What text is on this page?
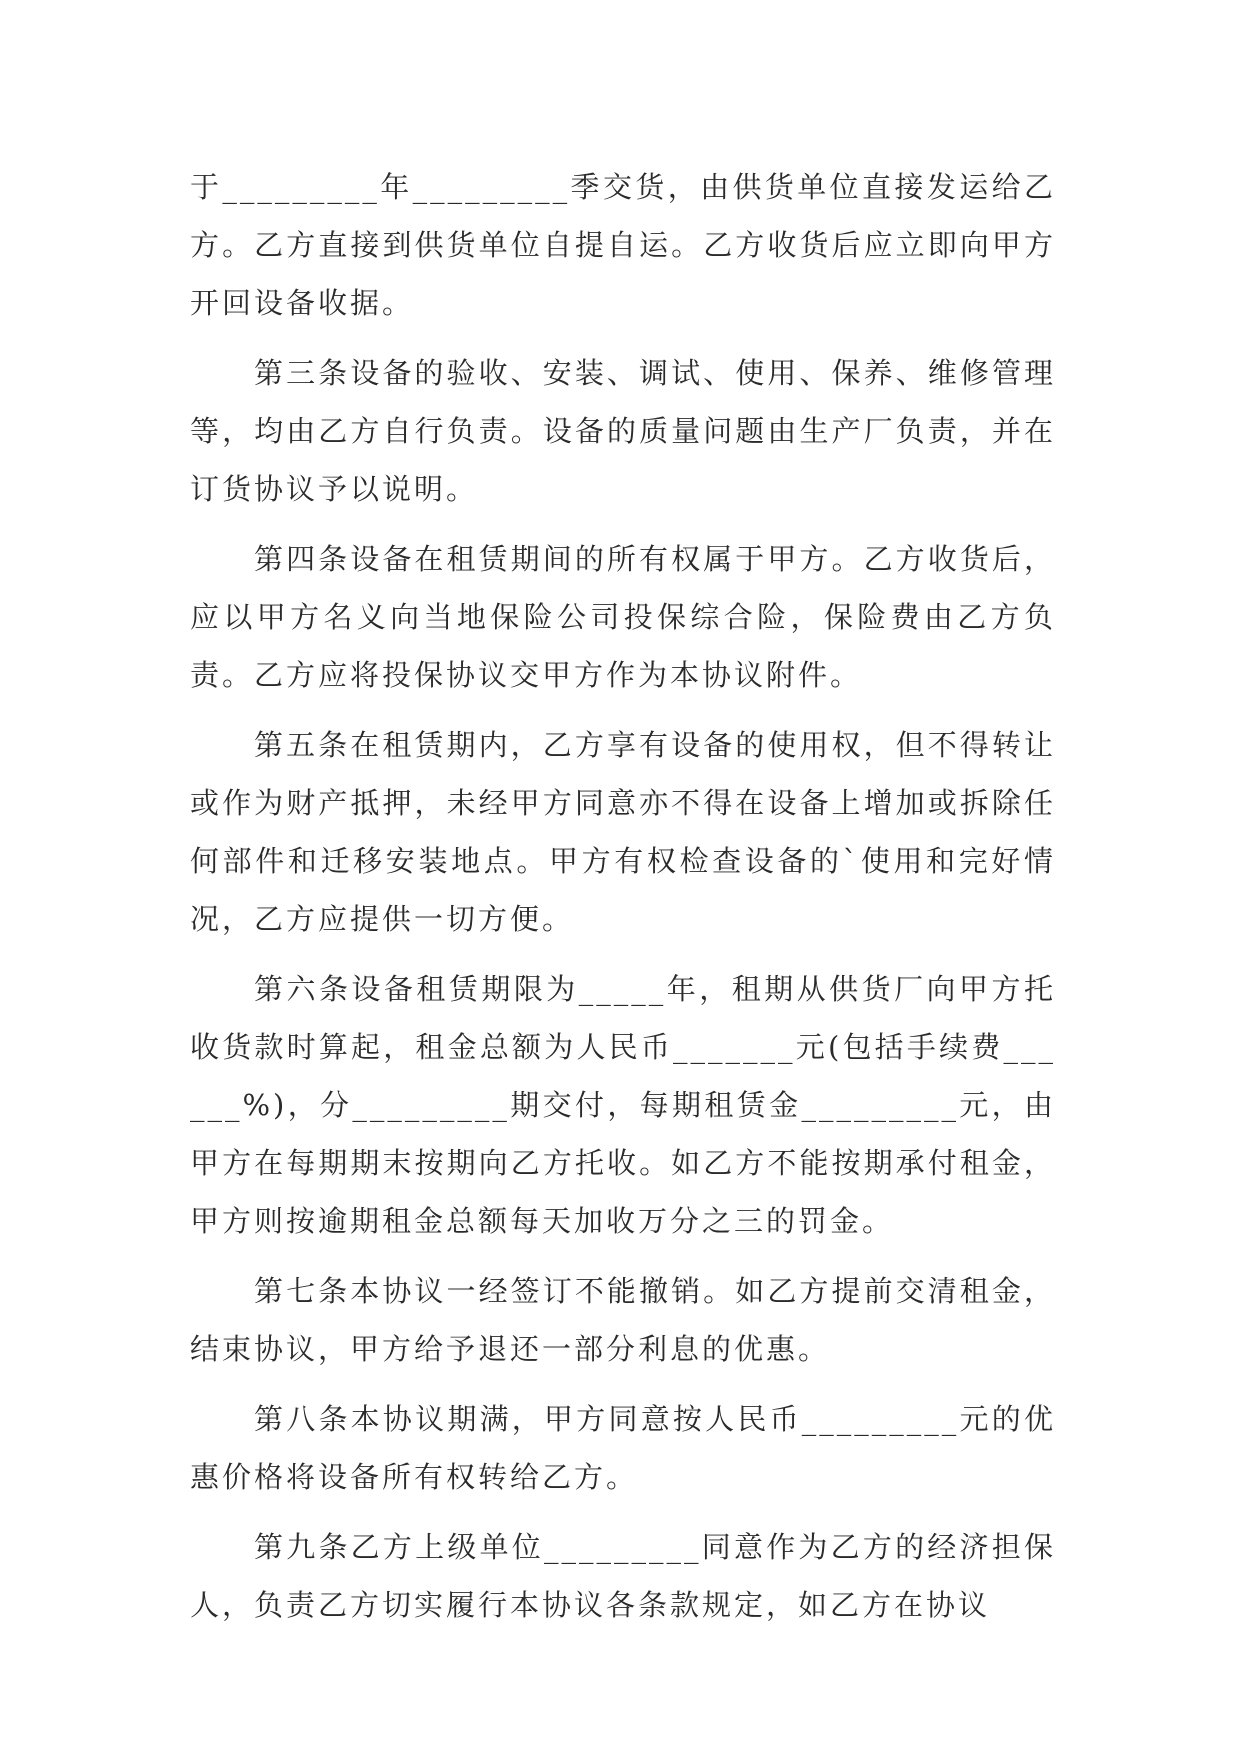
于_________年_________季交货，由供货单位直接发运给乙方。乙方直接到供货单位自提自运。乙方收货后应立即向甲方开回设备收据。

第三条设备的验收、安装、调试、使用、保养、维修管理等，均由乙方自行负责。设备的质量问题由生产厂负责，并在订货协议予以说明。

第四条设备在租赁期间的所有权属于甲方。乙方收货后，应以甲方名义向当地保险公司投保综合险，保险费由乙方负责。乙方应将投保协议交甲方作为本协议附件。

第五条在租赁期内，乙方享有设备的使用权，但不得转让或作为财产抵押，未经甲方同意亦不得在设备上增加或拆除任何部件和迁移安装地点。甲方有权检查设备的`使用和完好情况，乙方应提供一切方便。

第六条设备租赁期限为_____年，租期从供货厂向甲方托收货款时算起，租金总额为人民币_______元(包括手续费______%)，分_________期交付，每期租赁金_________元，由甲方在每期期末按期向乙方托收。如乙方不能按期承付租金，甲方则按逾期租金总额每天加收万分之三的罚金。

第七条本协议一经签订不能撤销。如乙方提前交清租金，结束协议，甲方给予退还一部分利息的优惠。

第八条本协议期满，甲方同意按人民币_________元的优惠价格将设备所有权转给乙方。

第九条乙方上级单位_________同意作为乙方的经济担保人，负责乙方切实履行本协议各条款规定，如乙方在协议
